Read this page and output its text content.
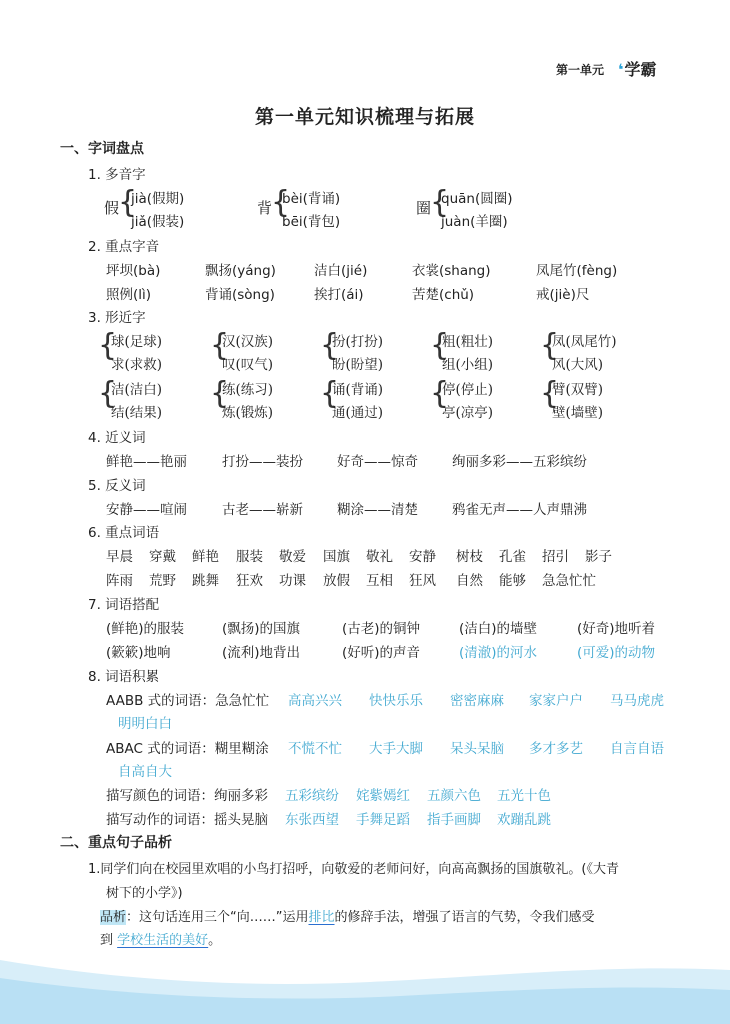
第一单元 ❛学霸
第一单元知识梳理与拓展
一、字词盘点
1. 多音字
假
{
jià(假期)
jiǎ(假装)
背
{
bèi(背诵)
bēi(背包)
圈
{
quān(圆圈)
juàn(羊圈)
2. 重点字音
坪坝(bà)	飘扬(yáng)	洁白(jié)	衣裳(shang)	凤尾竹(fèng)
照例(lì)	背诵(sòng)	挨打(ái)	苦楚(chǔ)	戒(jiè)尺
3. 形近字
{
球(足球)
求(求救)
{
汉(汉族)
叹(叹气)
{
扮(打扮)
盼(盼望)
{
粗(粗壮)
组(小组)
{
凤(凤尾竹)
风(大风)
{
洁(洁白)
结(结果)
{
练(练习)
炼(锻炼)
{
诵(背诵)
通(通过)
{
停(停止)
亭(凉亭)
{
臂(双臂)
壁(墙壁)
4. 近义词
鲜艳——艳丽	打扮——装扮	好奇——惊奇	绚丽多彩——五彩缤纷
5. 反义词
安静——喧闹	古老——崭新	糊涂——清楚	鸦雀无声——人声鼎沸
6. 重点词语
早晨 穿戴 鲜艳 服装 敬爱 国旗 敬礼 安静 树枝 孔雀 招引 影子
阵雨 荒野 跳舞 狂欢 功课 放假 互相 狂风 自然 能够 急急忙忙
7. 词语搭配
(鲜艳)的服装	(飘扬)的国旗	(古老)的铜钟	(洁白)的墙壁	(好奇)地听着
(簌簌)地响	(流利)地背出	(好听)的声音	(清澈)的河水	(可爱)的动物
8. 词语积累
AABB 式的词语：急急忙忙 高高兴兴 快快乐乐 密密麻麻 家家户户 马马虎虎
明明白白
ABAC 式的词语：糊里糊涂 不慌不忙 大手大脚 呆头呆脑 多才多艺 自言自语
自高自大
描写颜色的词语：绚丽多彩 五彩缤纷 姹紫嫣红 五颜六色 五光十色
描写动作的词语：摇头晃脑 东张西望 手舞足蹈 指手画脚 欢蹦乱跳
二、重点句子品析
1.同学们向在校园里欢唱的小鸟打招呼，向敬爱的老师问好，向高高飘扬的国旗敬礼。(《大青
树下的小学》)
品析：这句话连用三个“向……”运用排比的修辞手法，增强了语言的气势，令我们感受
到 学校生活的美好。
